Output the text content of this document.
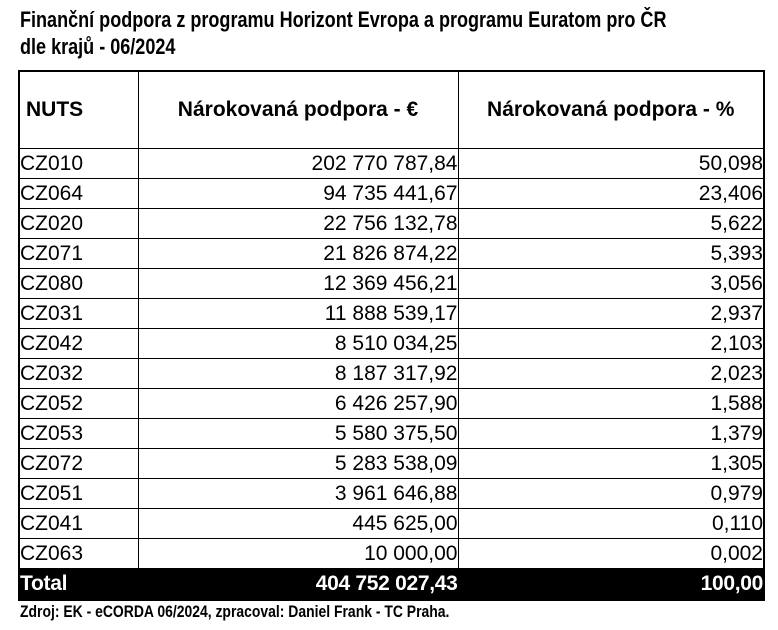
Finanční podpora z programu Horizont Evropa a programu Euratom pro ČR
dle krajů - 06/2024
NUTS	Nárokovaná podpora - €	Nárokovaná podpora - %
CZ010	202 770 787,84	50,098
CZ064	94 735 441,67	23,406
CZ020	22 756 132,78	5,622
CZ071	21 826 874,22	5,393
CZ080	12 369 456,21	3,056
CZ031	11 888 539,17	2,937
CZ042	8 510 034,25	2,103
CZ032	8 187 317,92	2,023
CZ052	6 426 257,90	1,588
CZ053	5 580 375,50	1,379
CZ072	5 283 538,09	1,305
CZ051	3 961 646,88	0,979
CZ041	445 625,00	0,110
CZ063	10 000,00	0,002
Total	404 752 027,43	100,00
Zdroj: EK - eCORDA 06/2024, zpracoval: Daniel Frank - TC Praha.
